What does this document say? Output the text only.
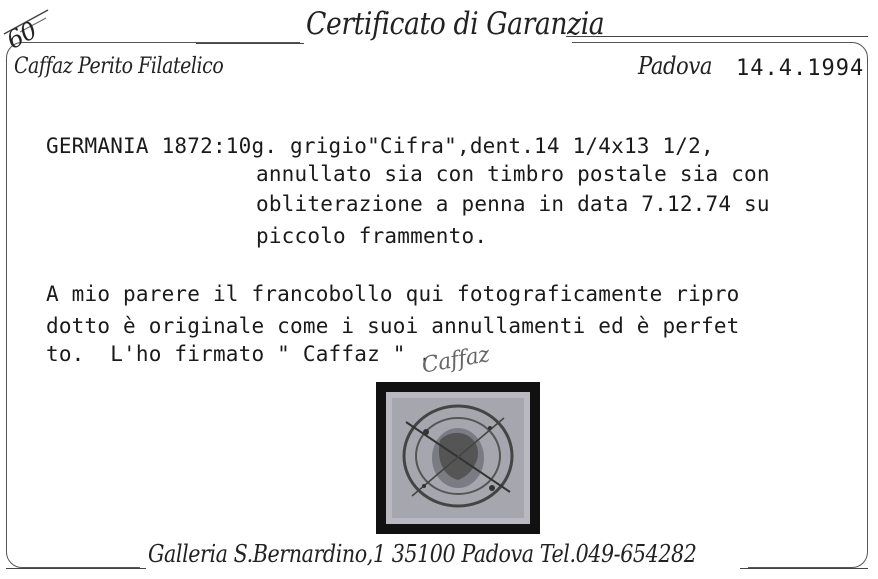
Certificato di Garanzia
60
Caffaz Perito Filatelico	Padova 14.4.1994
GERMANIA 1872:10g. grigio"Cifra",dent.14 1/4x13 1/2,
annullato sia con timbro postale sia con
obliterazione a penna in data 7.12.74 su
piccolo frammento.
A mio parere il francobollo qui fotograficamente ripro
dotto è originale come i suoi annullamenti ed è perfet
to.  L'ho firmato " Caffaz " .
Caffaz
Galleria S.Bernardino,1 35100 Padova Tel.049-654282
